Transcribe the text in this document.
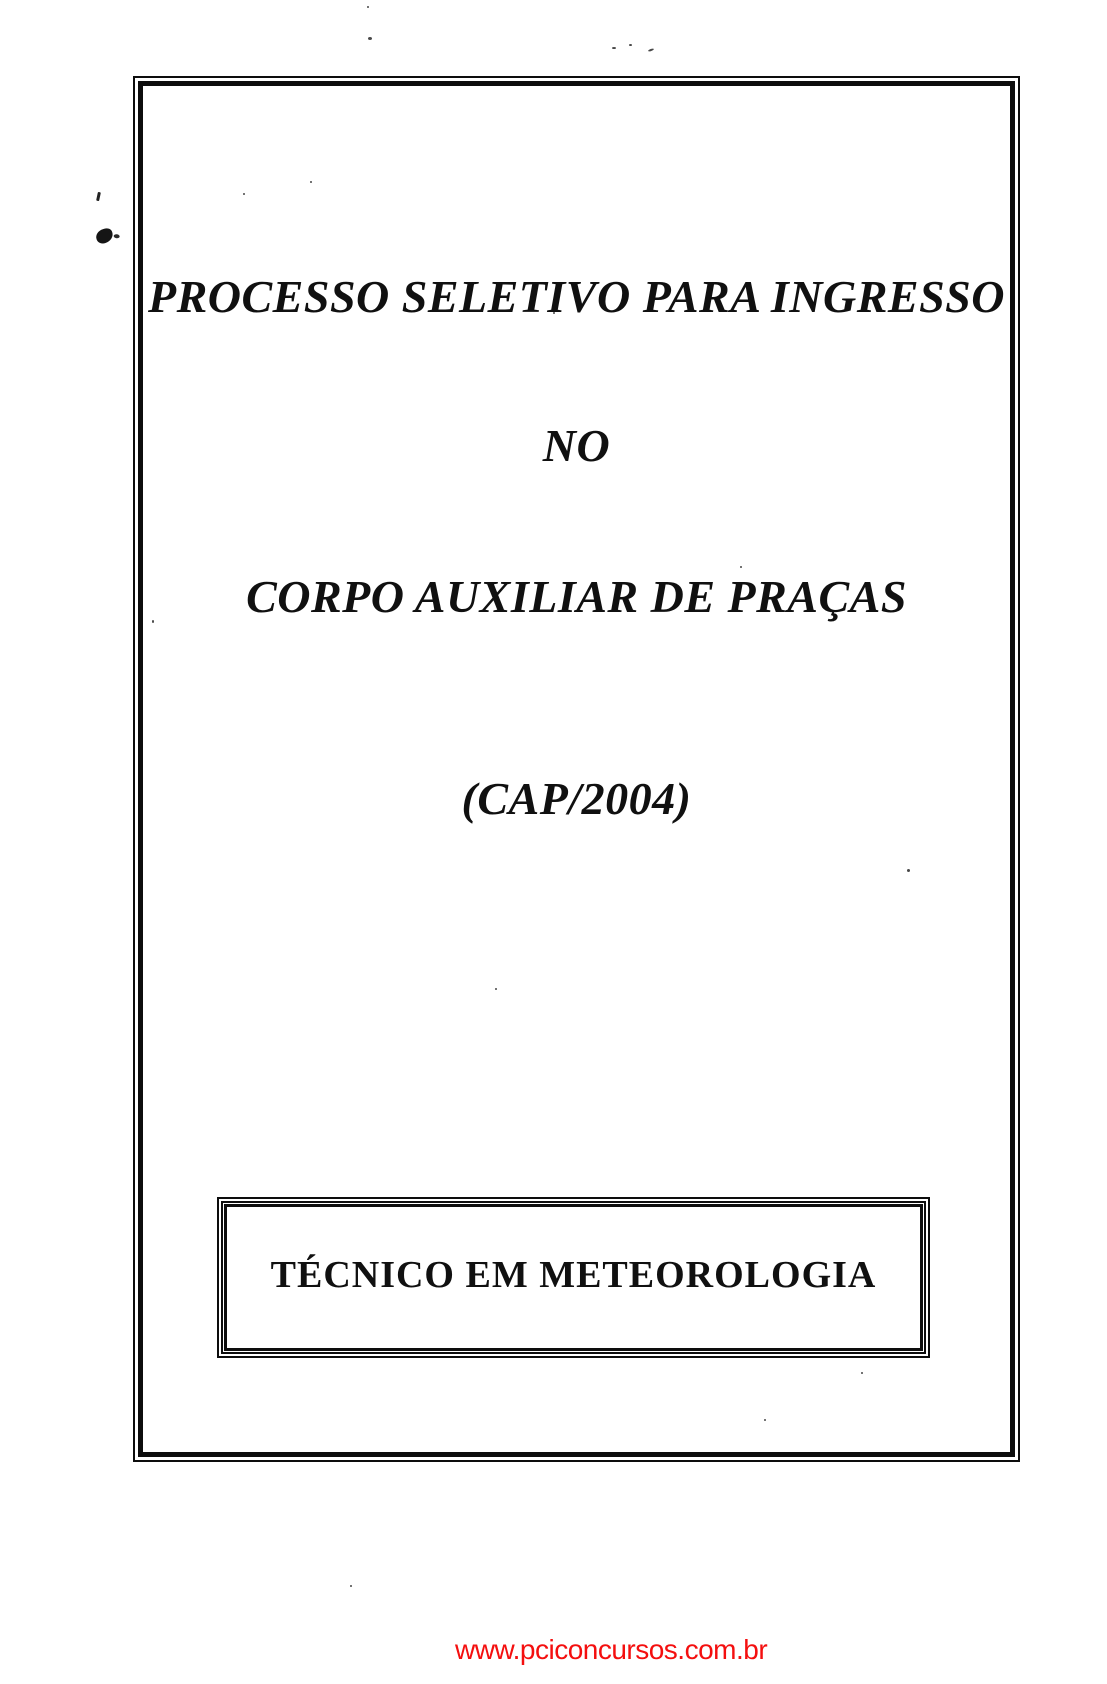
PROCESSO SELETIVO PARA INGRESSO
NO
CORPO AUXILIAR DE PRAÇAS
(CAP/2004)
TÉCNICO EM METEOROLOGIA
www.pciconcursos.com.br
